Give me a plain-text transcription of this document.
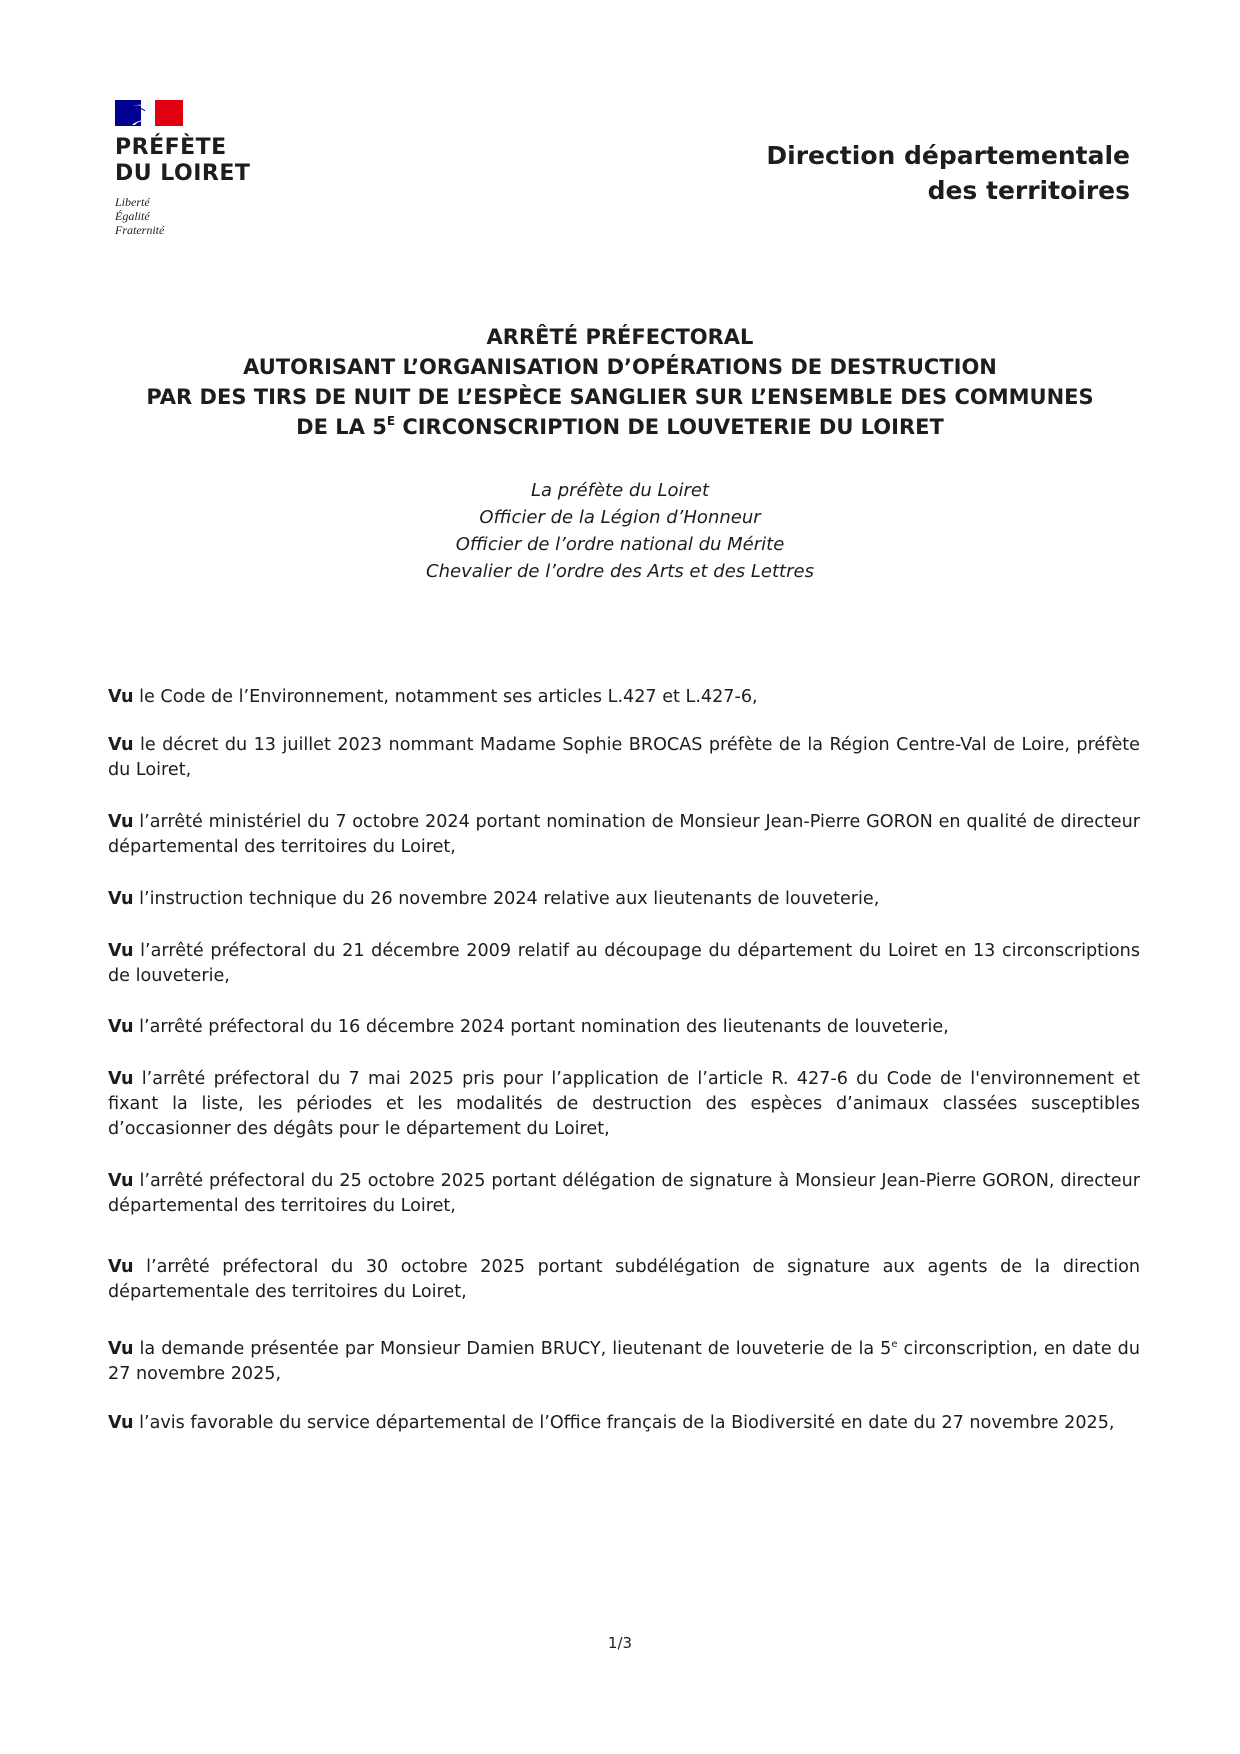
PRÉFÈTE
DU LOIRET
Liberté
Égalité
Fraternité
Direction départementale
des territoires
ARRÊTÉ PRÉFECTORAL
AUTORISANT L’ORGANISATION D’OPÉRATIONS DE DESTRUCTION
PAR DES TIRS DE NUIT DE L’ESPÈCE SANGLIER SUR L’ENSEMBLE DES COMMUNES
DE LA $5^E$ CIRCONSCRIPTION DE LOUVETERIE DU LOIRET
La préfète du Loiret
Officier de la Légion d’Honneur
Officier de l’ordre national du Mérite
Chevalier de l’ordre des Arts et des Lettres

Vu le Code de l’Environnement, notamment ses articles L.427 et L.427-6,

Vu le décret du 13 juillet 2023 nommant Madame Sophie BROCAS préfète de la Région Centre-Val de Loire, préfète du Loiret,

Vu l’arrêté ministériel du 7 octobre 2024 portant nomination de Monsieur Jean-Pierre GORON en qualité de directeur départemental des territoires du Loiret,

Vu l’instruction technique du 26 novembre 2024 relative aux lieutenants de louveterie,

Vu l’arrêté préfectoral du 21 décembre 2009 relatif au découpage du département du Loiret en 13 circonscriptions de louveterie,

Vu l’arrêté préfectoral du 16 décembre 2024 portant nomination des lieutenants de louveterie,

Vu l’arrêté préfectoral du 7 mai 2025 pris pour l’application de l’article R. 427-6 du Code de l'environnement et fixant la liste, les périodes et les modalités de destruction des espèces d’animaux classées susceptibles d’occasionner des dégâts pour le département du Loiret,

Vu l’arrêté préfectoral du 25 octobre 2025 portant délégation de signature à Monsieur Jean-Pierre GORON, directeur départemental des territoires du Loiret,

Vu l’arrêté préfectoral du 30 octobre 2025 portant subdélégation de signature aux agents de la direction départementale des territoires du Loiret,

Vu la demande présentée par Monsieur Damien BRUCY, lieutenant de louveterie de la 5e circonscription, en date du 27 novembre 2025,

Vu l’avis favorable du service départemental de l’Office français de la Biodiversité en date du 27 novembre 2025,

1/3
